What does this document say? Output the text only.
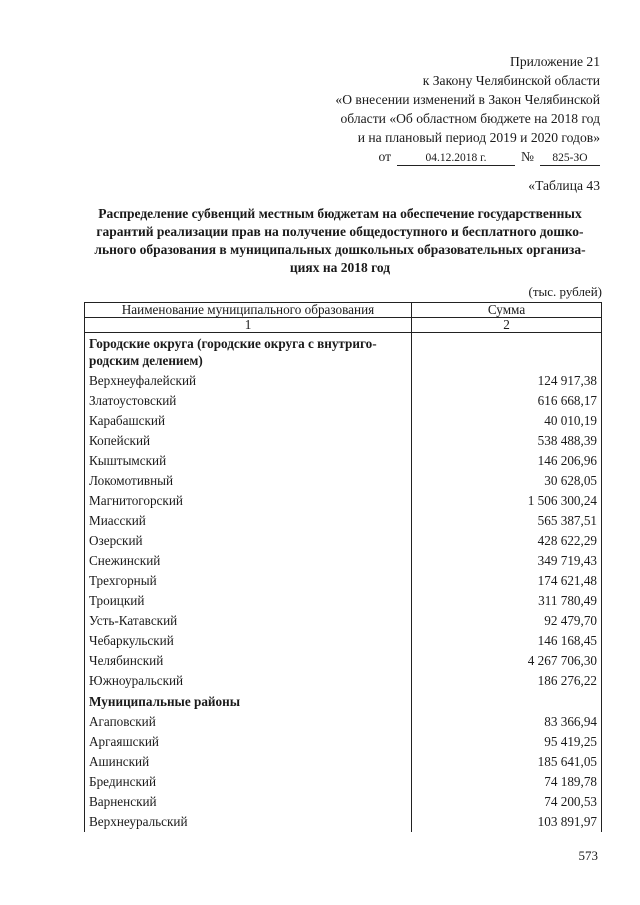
Приложение 21
к Закону Челябинской области
«О внесении изменений в Закон Челябинской
области «Об областном бюджете на 2018 год
и на плановый период 2019 и 2020 годов»
от	04.12.2018 г.	№	825-ЗО
«Таблица 43
Распределение субвенций местным бюджетам на обеспечение государственных гарантий реализации прав на получение общедоступного и бесплатного дошко-льного образования в муниципальных дошкольных образовательных организа-циях на 2018 год
(тыс. рублей)
Наименование муниципального образования	Сумма
1	2
Городские округа (городские округа с внутриго-родским делением)	
Верхнеуфалейский	124 917,38
Златоустовский	616 668,17
Карабашский	40 010,19
Копейский	538 488,39
Кыштымский	146 206,96
Локомотивный	30 628,05
Магнитогорский	1 506 300,24
Миасский	565 387,51
Озерский	428 622,29
Снежинский	349 719,43
Трехгорный	174 621,48
Троицкий	311 780,49
Усть-Катавский	92 479,70
Чебаркульский	146 168,45
Челябинский	4 267 706,30
Южноуральский	186 276,22
Муниципальные районы	
Агаповский	83 366,94
Аргаяшский	95 419,25
Ашинский	185 641,05
Брединский	74 189,78
Варненский	74 200,53
Верхнеуральский	103 891,97
573
